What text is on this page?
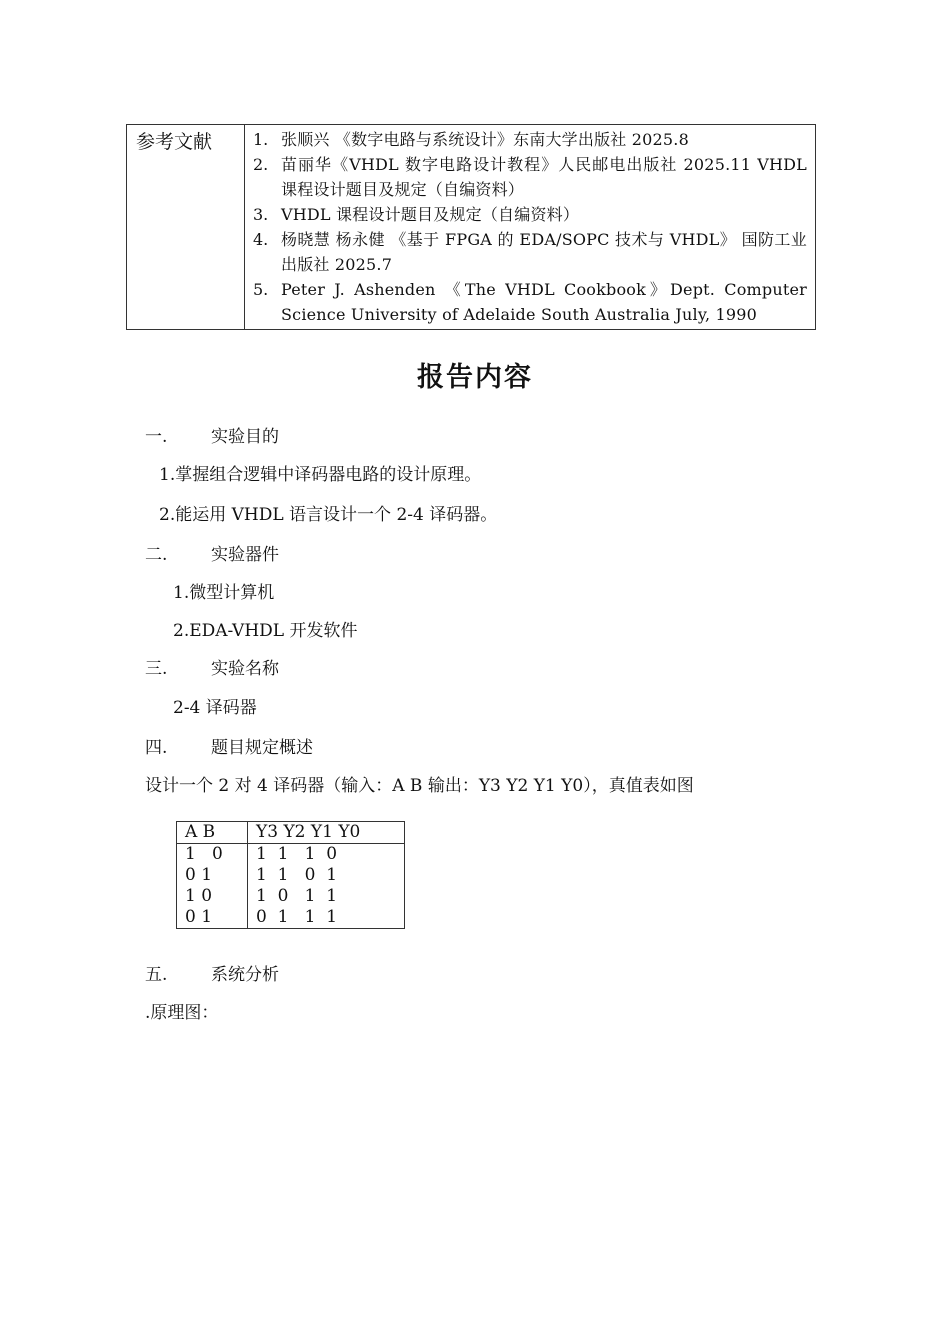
参考文献	1. 张顺兴 《数字电路与系统设计》东南大学出版社 2025.8
2. 苗丽华《VHDL 数字电路设计教程》人民邮电出版社 2025.11 VHDL 课程设计题目及规定（自编资料）
3. VHDL 课程设计题目及规定（自编资料）
4. 杨晓慧 杨永健 《基于 FPGA 的 EDA/SOPC 技术与 VHDL》 国防工业出版社 2025.7
5. Peter J. Ashenden 《The VHDL Cookbook》Dept. Computer Science University of Adelaide South Australia July, 1990
报告内容
一.	实验目的
1.掌握组合逻辑中译码器电路的设计原理。
2.能运用 VHDL 语言设计一个 2-4 译码器。
二.	实验器件
1.微型计算机
2.EDA-VHDL 开发软件
三.	实验名称
2-4 译码器
四.	题目规定概述
设计一个 2 对 4 译码器（输入：A B 输出：Y3 Y2 Y1 Y0），真值表如图
A B	Y3 Y2 Y1 Y0
1   0	1  1   1  0
0 1	1  1   0  1
1 0	1  0   1  1
0 1	0  1   1  1
五.	系统分析
.原理图：
